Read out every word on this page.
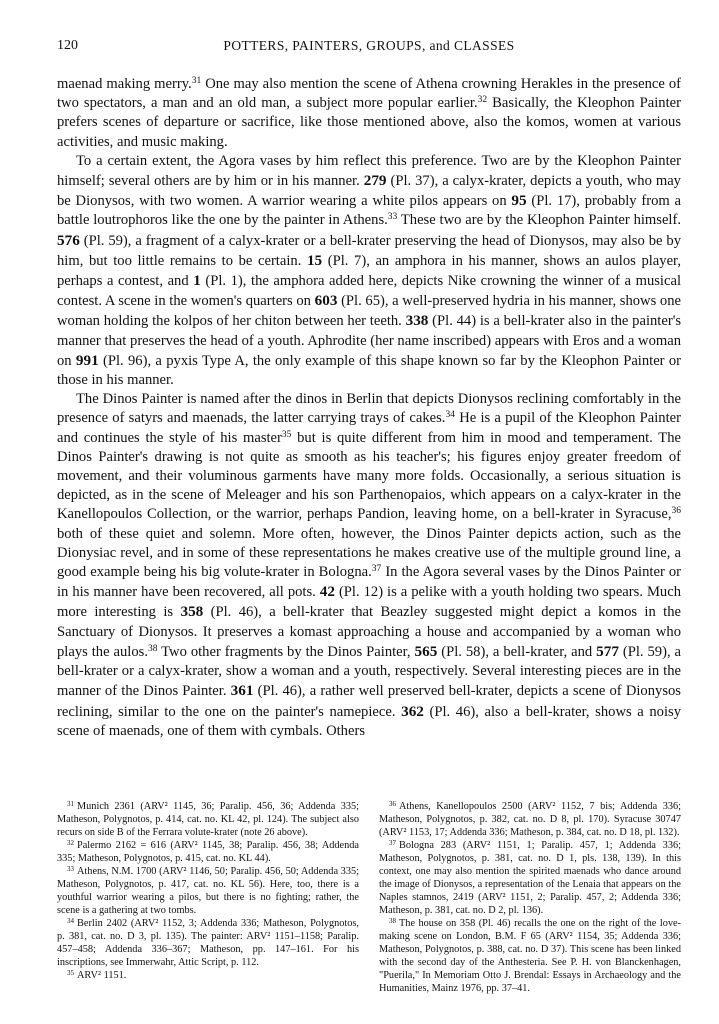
120	POTTERS, PAINTERS, GROUPS, and CLASSES

maenad making merry.$^{31}$ One may also mention the scene of Athena crowning Herakles in the presence of two spectators, a man and an old man, a subject more popular earlier.$^{32}$ Basically, the Kleophon Painter prefers scenes of departure or sacrifice, like those mentioned above, also the komos, women at various activities, and music making.

To a certain extent, the Agora vases by him reflect this preference. Two are by the Kleophon Painter himself; several others are by him or in his manner. 279 (Pl. 37), a calyx-krater, depicts a youth, who may be Dionysos, with two women. A warrior wearing a white pilos appears on 95 (Pl. 17), probably from a battle loutrophoros like the one by the painter in Athens.$^{33}$ These two are by the Kleophon Painter himself. 576 (Pl. 59), a fragment of a calyx-krater or a bell-krater preserving the head of Dionysos, may also be by him, but too little remains to be certain. 15 (Pl. 7), an amphora in his manner, shows an aulos player, perhaps a contest, and 1 (Pl. 1), the amphora added here, depicts Nike crowning the winner of a musical contest. A scene in the women's quarters on 603 (Pl. 65), a well-preserved hydria in his manner, shows one woman holding the kolpos of her chiton between her teeth. 338 (Pl. 44) is a bell-krater also in the painter's manner that preserves the head of a youth. Aphrodite (her name inscribed) appears with Eros and a woman on 991 (Pl. 96), a pyxis Type A, the only example of this shape known so far by the Kleophon Painter or those in his manner.

The Dinos Painter is named after the dinos in Berlin that depicts Dionysos reclining comfortably in the presence of satyrs and maenads, the latter carrying trays of cakes.$^{34}$ He is a pupil of the Kleophon Painter and continues the style of his master$^{35}$ but is quite different from him in mood and temperament. The Dinos Painter's drawing is not quite as smooth as his teacher's; his figures enjoy greater freedom of movement, and their voluminous garments have many more folds. Occasionally, a serious situation is depicted, as in the scene of Meleager and his son Parthenopaios, which appears on a calyx-krater in the Kanellopoulos Collection, or the warrior, perhaps Pandion, leaving home, on a bell-krater in Syracuse,$^{36}$ both of these quiet and solemn. More often, however, the Dinos Painter depicts action, such as the Dionysiac revel, and in some of these representations he makes creative use of the multiple ground line, a good example being his big volute-krater in Bologna.$^{37}$ In the Agora several vases by the Dinos Painter or in his manner have been recovered, all pots. 42 (Pl. 12) is a pelike with a youth holding two spears. Much more interesting is 358 (Pl. 46), a bell-krater that Beazley suggested might depict a komos in the Sanctuary of Dionysos. It preserves a komast approaching a house and accompanied by a woman who plays the aulos.$^{38}$ Two other fragments by the Dinos Painter, 565 (Pl. 58), a bell-krater, and 577 (Pl. 59), a bell-krater or a calyx-krater, show a woman and a youth, respectively. Several interesting pieces are in the manner of the Dinos Painter. 361 (Pl. 46), a rather well preserved bell-krater, depicts a scene of Dionysos reclining, similar to the one on the painter's namepiece. 362 (Pl. 46), also a bell-krater, shows a noisy scene of maenads, one of them with cymbals. Others

$^{31}$ Munich 2361 (ARV² 1145, 36; Paralip. 456, 36; Addenda 335; Matheson, Polygnotos, p. 414, cat. no. KL 42, pl. 124). The subject also recurs on side B of the Ferrara volute-krater (note 26 above).

$^{32}$ Palermo 2162 = 616 (ARV² 1145, 38; Paralip. 456, 38; Addenda 335; Matheson, Polygnotos, p. 415, cat. no. KL 44).

$^{33}$ Athens, N.M. 1700 (ARV² 1146, 50; Paralip. 456, 50; Addenda 335; Matheson, Polygnotos, p. 417, cat. no. KL 56). Here, too, there is a youthful warrior wearing a pilos, but there is no fighting; rather, the scene is a gathering at two tombs.

$^{34}$ Berlin 2402 (ARV² 1152, 3; Addenda 336; Matheson, Polygnotos, p. 381, cat. no. D 3, pl. 135). The painter: ARV² 1151–1158; Paralip. 457–458; Addenda 336–367; Matheson, pp. 147–161. For his inscriptions, see Immerwahr, Attic Script, p. 112.

$^{35}$ ARV² 1151.

$^{36}$ Athens, Kanellopoulos 2500 (ARV² 1152, 7 bis; Addenda 336; Matheson, Polygnotos, p. 382, cat. no. D 8, pl. 170). Syracuse 30747 (ARV² 1153, 17; Addenda 336; Matheson, p. 384, cat. no. D 18, pl. 132).

$^{37}$ Bologna 283 (ARV² 1151, 1; Paralip. 457, 1; Addenda 336; Matheson, Polygnotos, p. 381, cat. no. D 1, pls. 138, 139). In this context, one may also mention the spirited maenads who dance around the image of Dionysos, a representation of the Lenaia that appears on the Naples stamnos, 2419 (ARV² 1151, 2; Paralip. 457, 2; Addenda 336; Matheson, p. 381, cat. no. D 2, pl. 136).

$^{38}$ The house on 358 (Pl. 46) recalls the one on the right of the love-making scene on London, B.M. F 65 (ARV² 1154, 35; Addenda 336; Matheson, Polygnotos, p. 388, cat. no. D 37). This scene has been linked with the second day of the Anthesteria. See P. H. von Blanckenhagen, "Puerila," In Memoriam Otto J. Brendal: Essays in Archaeology and the Humanities, Mainz 1976, pp. 37–41.
